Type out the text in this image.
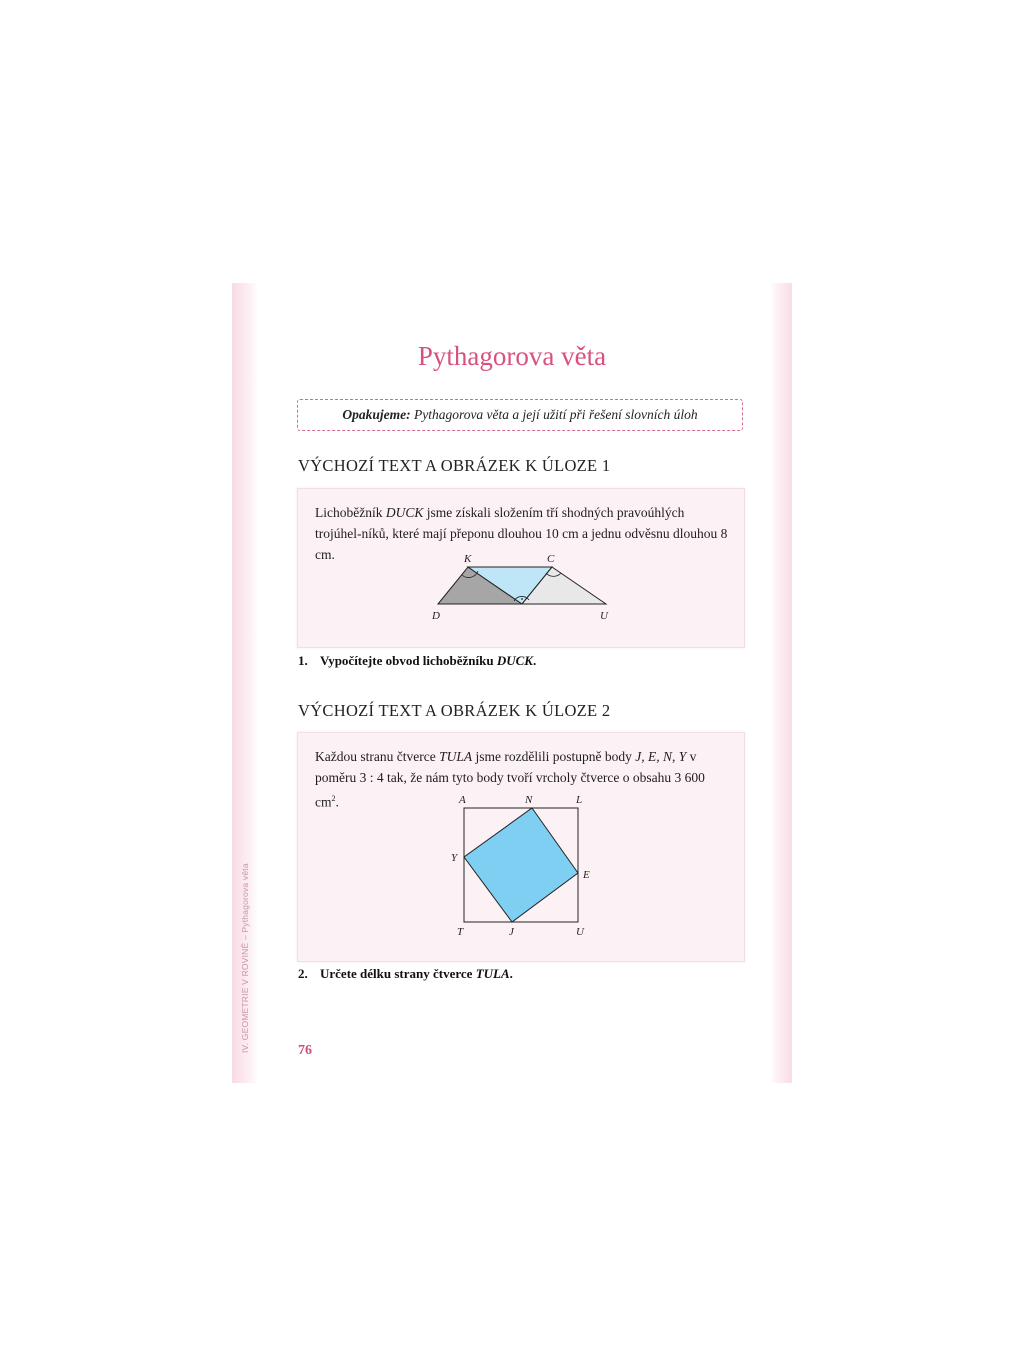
IV. GEOMETRIE V ROVINĚ – Pythagorova věta
Pythagorova věta
Opakujeme: Pythagorova věta a její užití při řešení slovních úloh
VÝCHOZÍ TEXT A OBRÁZEK K ÚLOZE 1

Lichoběžník DUCK jsme získali složením tří shodných pravoúhlých trojúhel-níků, které mají přeponu dlouhou 10 cm a jednu odvěsnu dlouhou 8 cm.	K	C
D	U
1. Vypočítejte obvod lichoběžníku DUCK.
VÝCHOZÍ TEXT A OBRÁZEK K ÚLOZE 2

Každou stranu čtverce TULA jsme rozdělili postupně body J, E, N, Y v poměru 3 : 4 tak, že nám tyto body tvoří vrcholy čtverce o obsahu 3 600 $cm^2$.	A	N	L
Y
E
T	J	U
2. Určete délku strany čtverce TULA.
76
